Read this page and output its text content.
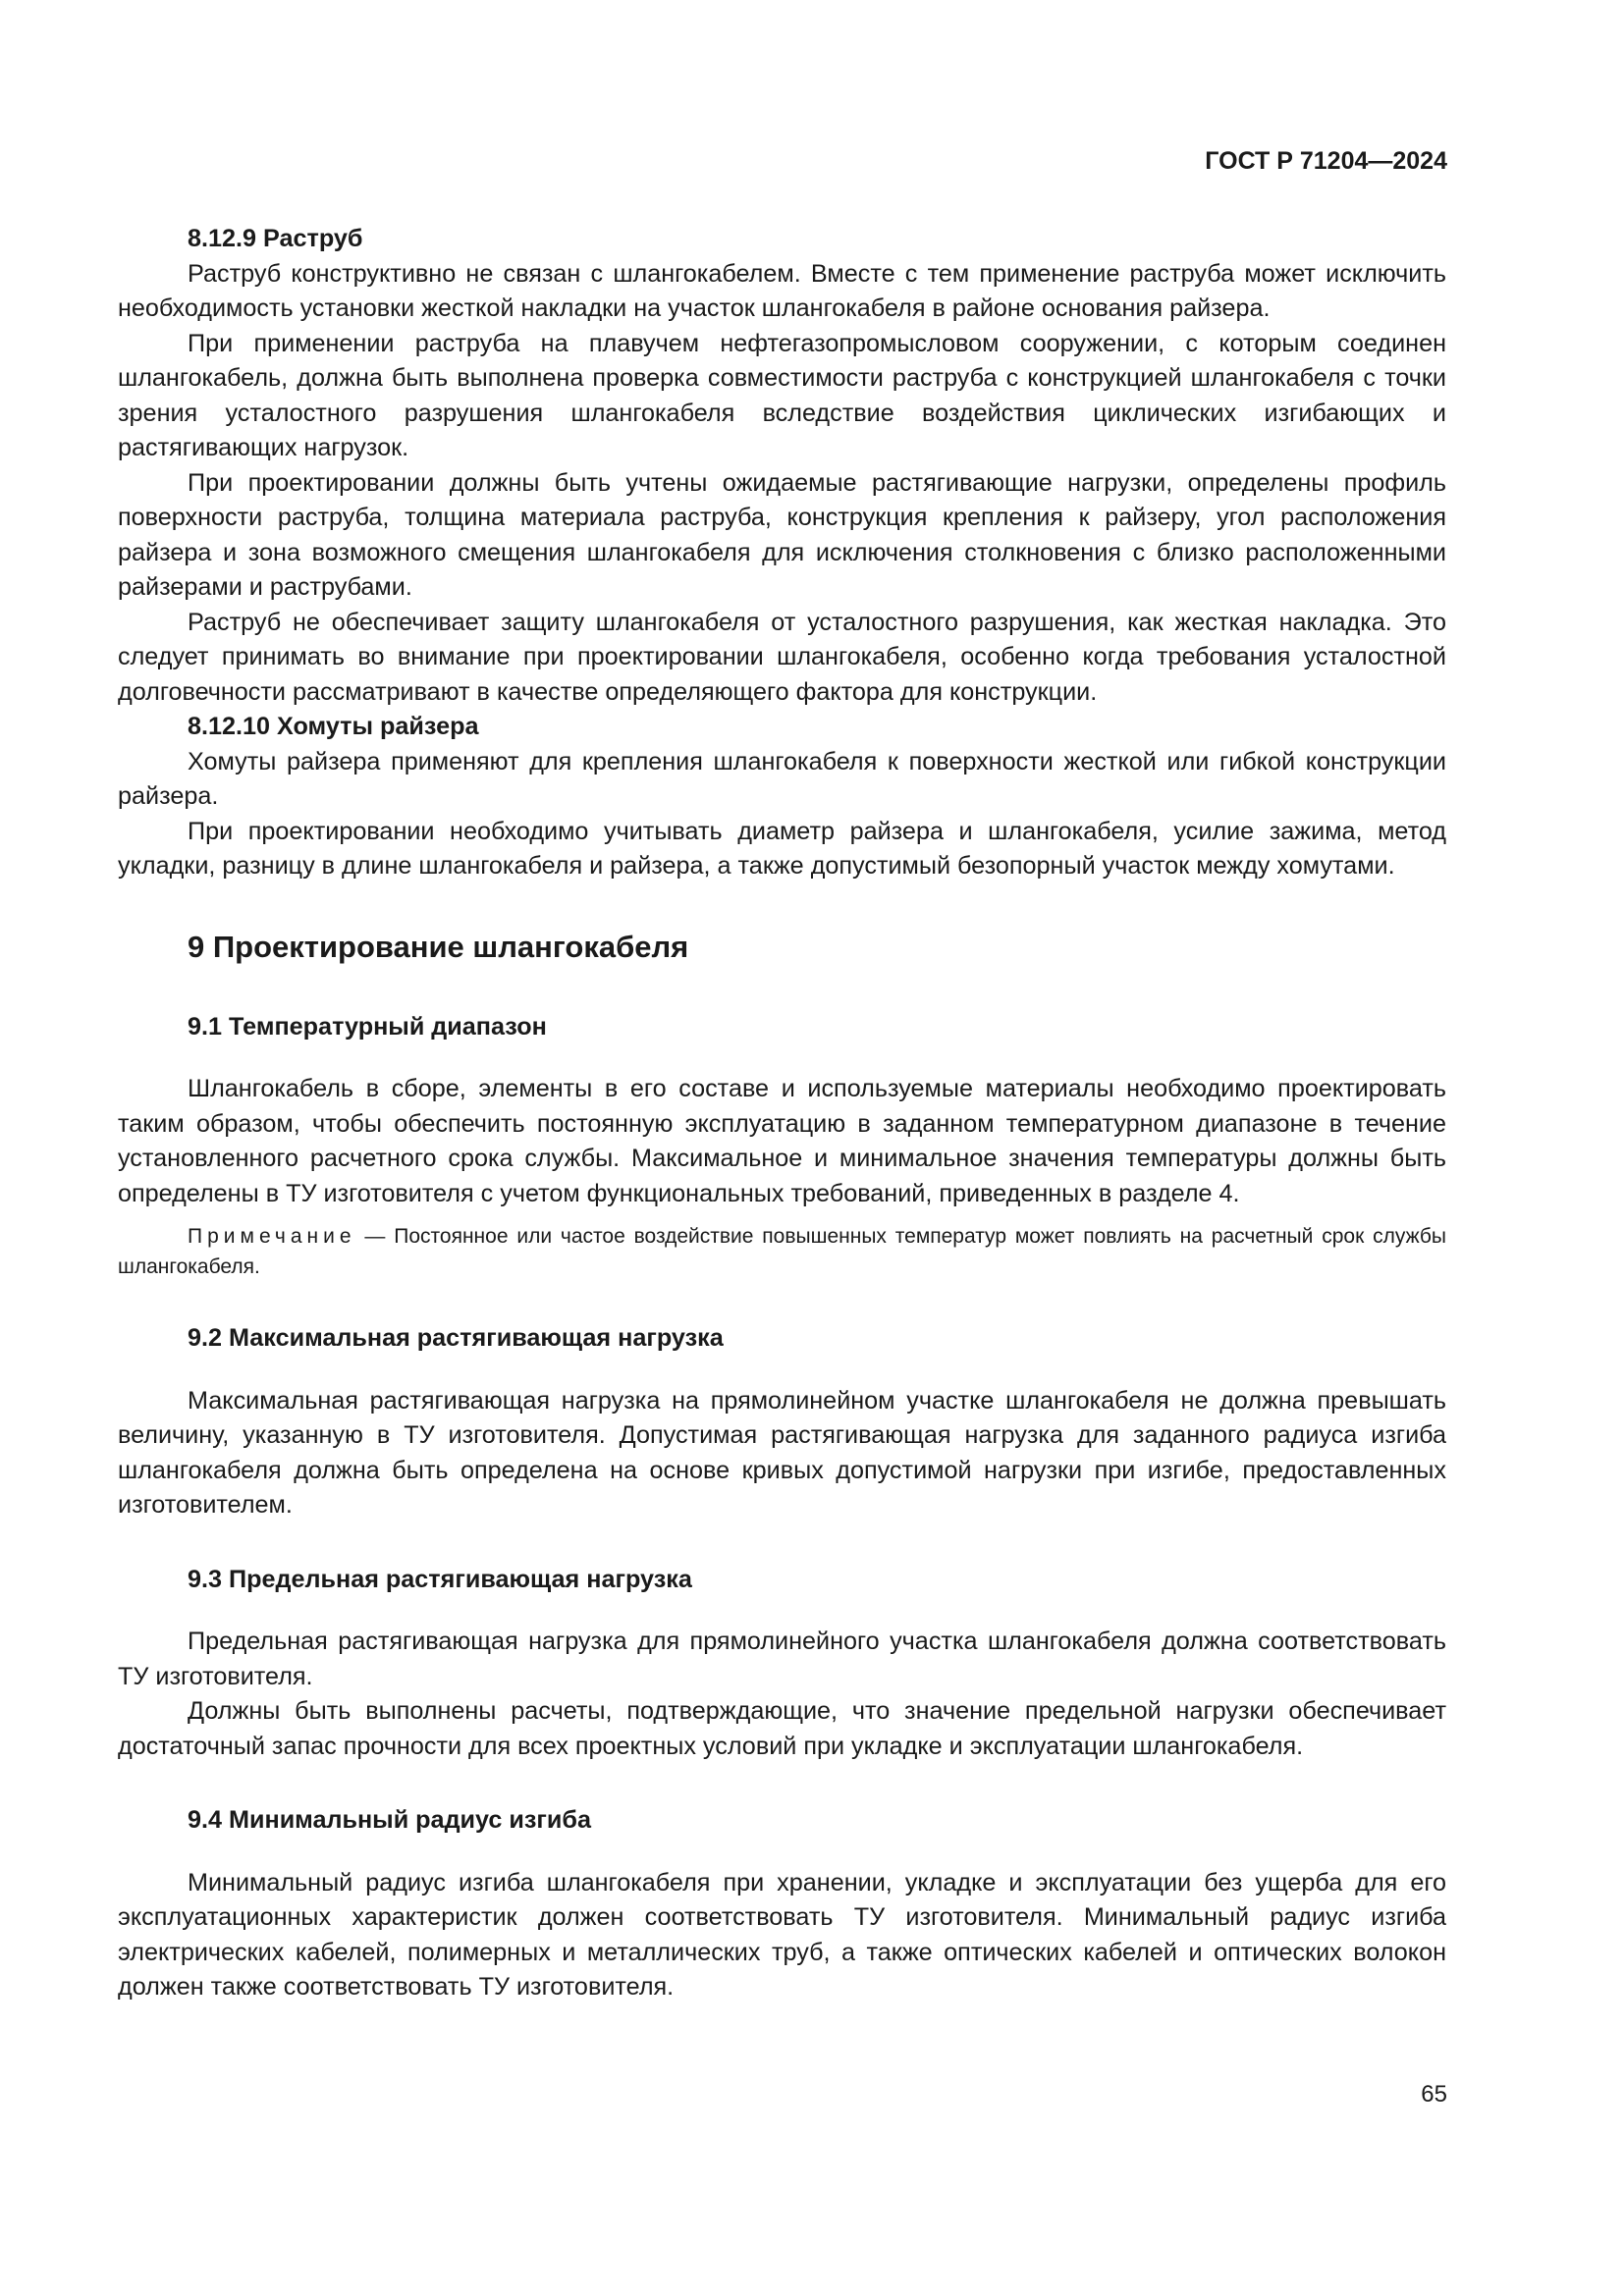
ГОСТ Р 71204—2024
8.12.9 Раструб

Раструб конструктивно не связан с шлангокабелем. Вместе с тем применение раструба может исключить необходимость установки жесткой накладки на участок шлангокабеля в районе основания райзера.

При применении раструба на плавучем нефтегазопромысловом сооружении, с которым соединен шлангокабель, должна быть выполнена проверка совместимости раструба с конструкцией шлангокабеля с точки зрения усталостного разрушения шлангокабеля вследствие воздействия циклических изгибающих и растягивающих нагрузок.

При проектировании должны быть учтены ожидаемые растягивающие нагрузки, определены профиль поверхности раструба, толщина материала раструба, конструкция крепления к райзеру, угол расположения райзера и зона возможного смещения шлангокабеля для исключения столкновения с близко расположенными райзерами и раструбами.

Раструб не обеспечивает защиту шлангокабеля от усталостного разрушения, как жесткая накладка. Это следует принимать во внимание при проектировании шлангокабеля, особенно когда требования усталостной долговечности рассматривают в качестве определяющего фактора для конструкции.

8.12.10 Хомуты райзера

Хомуты райзера применяют для крепления шлангокабеля к поверхности жесткой или гибкой конструкции райзера.

При проектировании необходимо учитывать диаметр райзера и шлангокабеля, усилие зажима, метод укладки, разницу в длине шлангокабеля и райзера, а также допустимый безопорный участок между хомутами.

9 Проектирование шлангокабеля
9.1 Температурный диапазон

Шлангокабель в сборе, элементы в его составе и используемые материалы необходимо проектировать таким образом, чтобы обеспечить постоянную эксплуатацию в заданном температурном диапазоне в течение установленного расчетного срока службы. Максимальное и минимальное значения температуры должны быть определены в ТУ изготовителя с учетом функциональных требований, приведенных в разделе 4.

Примечание — Постоянное или частое воздействие повышенных температур может повлиять на расчетный срок службы шлангокабеля.
9.2 Максимальная растягивающая нагрузка

Максимальная растягивающая нагрузка на прямолинейном участке шлангокабеля не должна превышать величину, указанную в ТУ изготовителя. Допустимая растягивающая нагрузка для заданного радиуса изгиба шлангокабеля должна быть определена на основе кривых допустимой нагрузки при изгибе, предоставленных изготовителем.

9.3 Предельная растягивающая нагрузка

Предельная растягивающая нагрузка для прямолинейного участка шлангокабеля должна соответствовать ТУ изготовителя.

Должны быть выполнены расчеты, подтверждающие, что значение предельной нагрузки обеспечивает достаточный запас прочности для всех проектных условий при укладке и эксплуатации шлангокабеля.

9.4 Минимальный радиус изгиба

Минимальный радиус изгиба шлангокабеля при хранении, укладке и эксплуатации без ущерба для его эксплуатационных характеристик должен соответствовать ТУ изготовителя. Минимальный радиус изгиба электрических кабелей, полимерных и металлических труб, а также оптических кабелей и оптических волокон должен также соответствовать ТУ изготовителя.

65
